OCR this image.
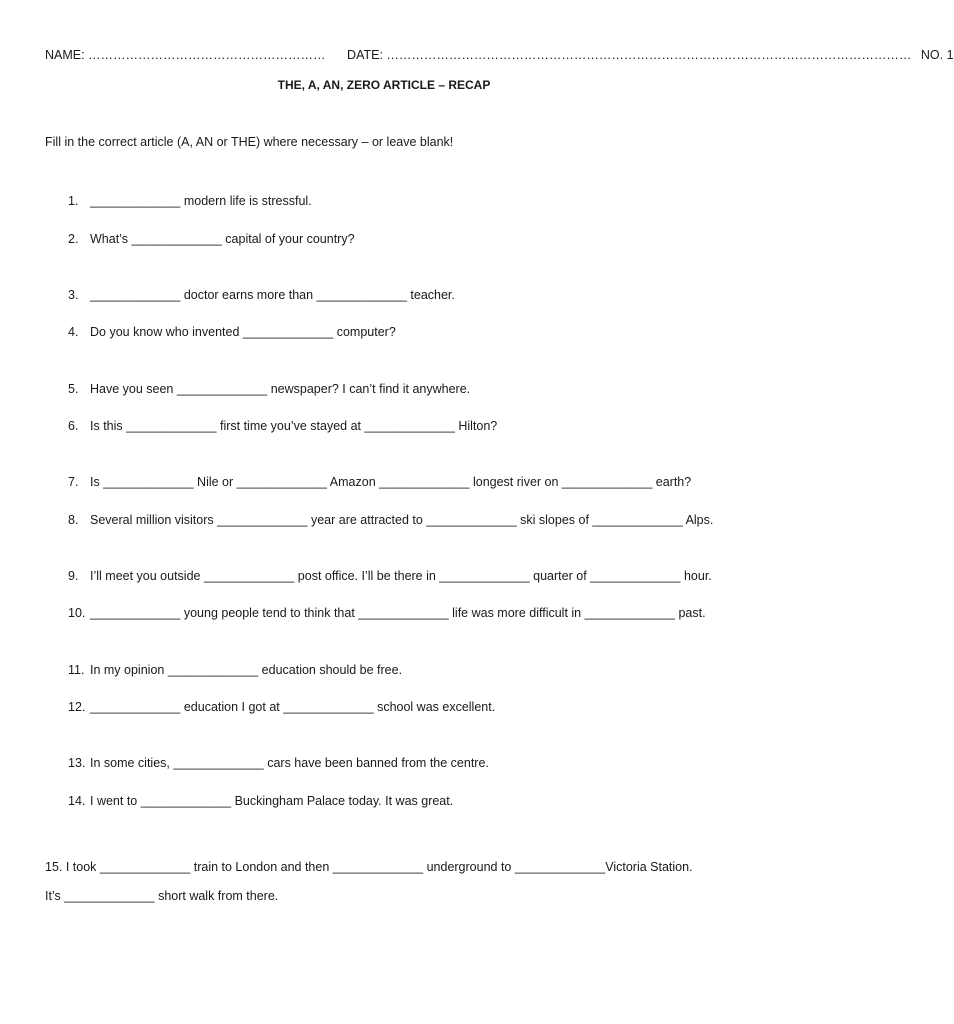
NAME: ………………………………………………… DATE: ……………………………………………………………………………………………………………… NO. 1
THE, A, AN, ZERO ARTICLE – RECAP
Fill in the correct article (A, AN or THE) where necessary – or leave blank!
1. _____________ modern life is stressful.
2. What’s _____________ capital of your country?
3. _____________ doctor earns more than _____________ teacher.
4. Do you know who invented _____________ computer?
5. Have you seen _____________ newspaper? I can’t find it anywhere.
6. Is this _____________ first time you’ve stayed at _____________ Hilton?
7. Is _____________ Nile or _____________ Amazon _____________ longest river on _____________ earth?
8. Several million visitors _____________ year are attracted to _____________ ski slopes of _____________ Alps.
9. I’ll meet you outside _____________ post office. I’ll be there in _____________ quarter of _____________ hour.
10. _____________ young people tend to think that _____________ life was more difficult in _____________ past.
11. In my opinion _____________ education should be free.
12. _____________ education I got at _____________ school was excellent.
13. In some cities, _____________ cars have been banned from the centre.
14. I went to _____________ Buckingham Palace today. It was great.
15. I took _____________ train to London and then _____________ underground to _____________Victoria Station.
It’s _____________ short walk from there.
